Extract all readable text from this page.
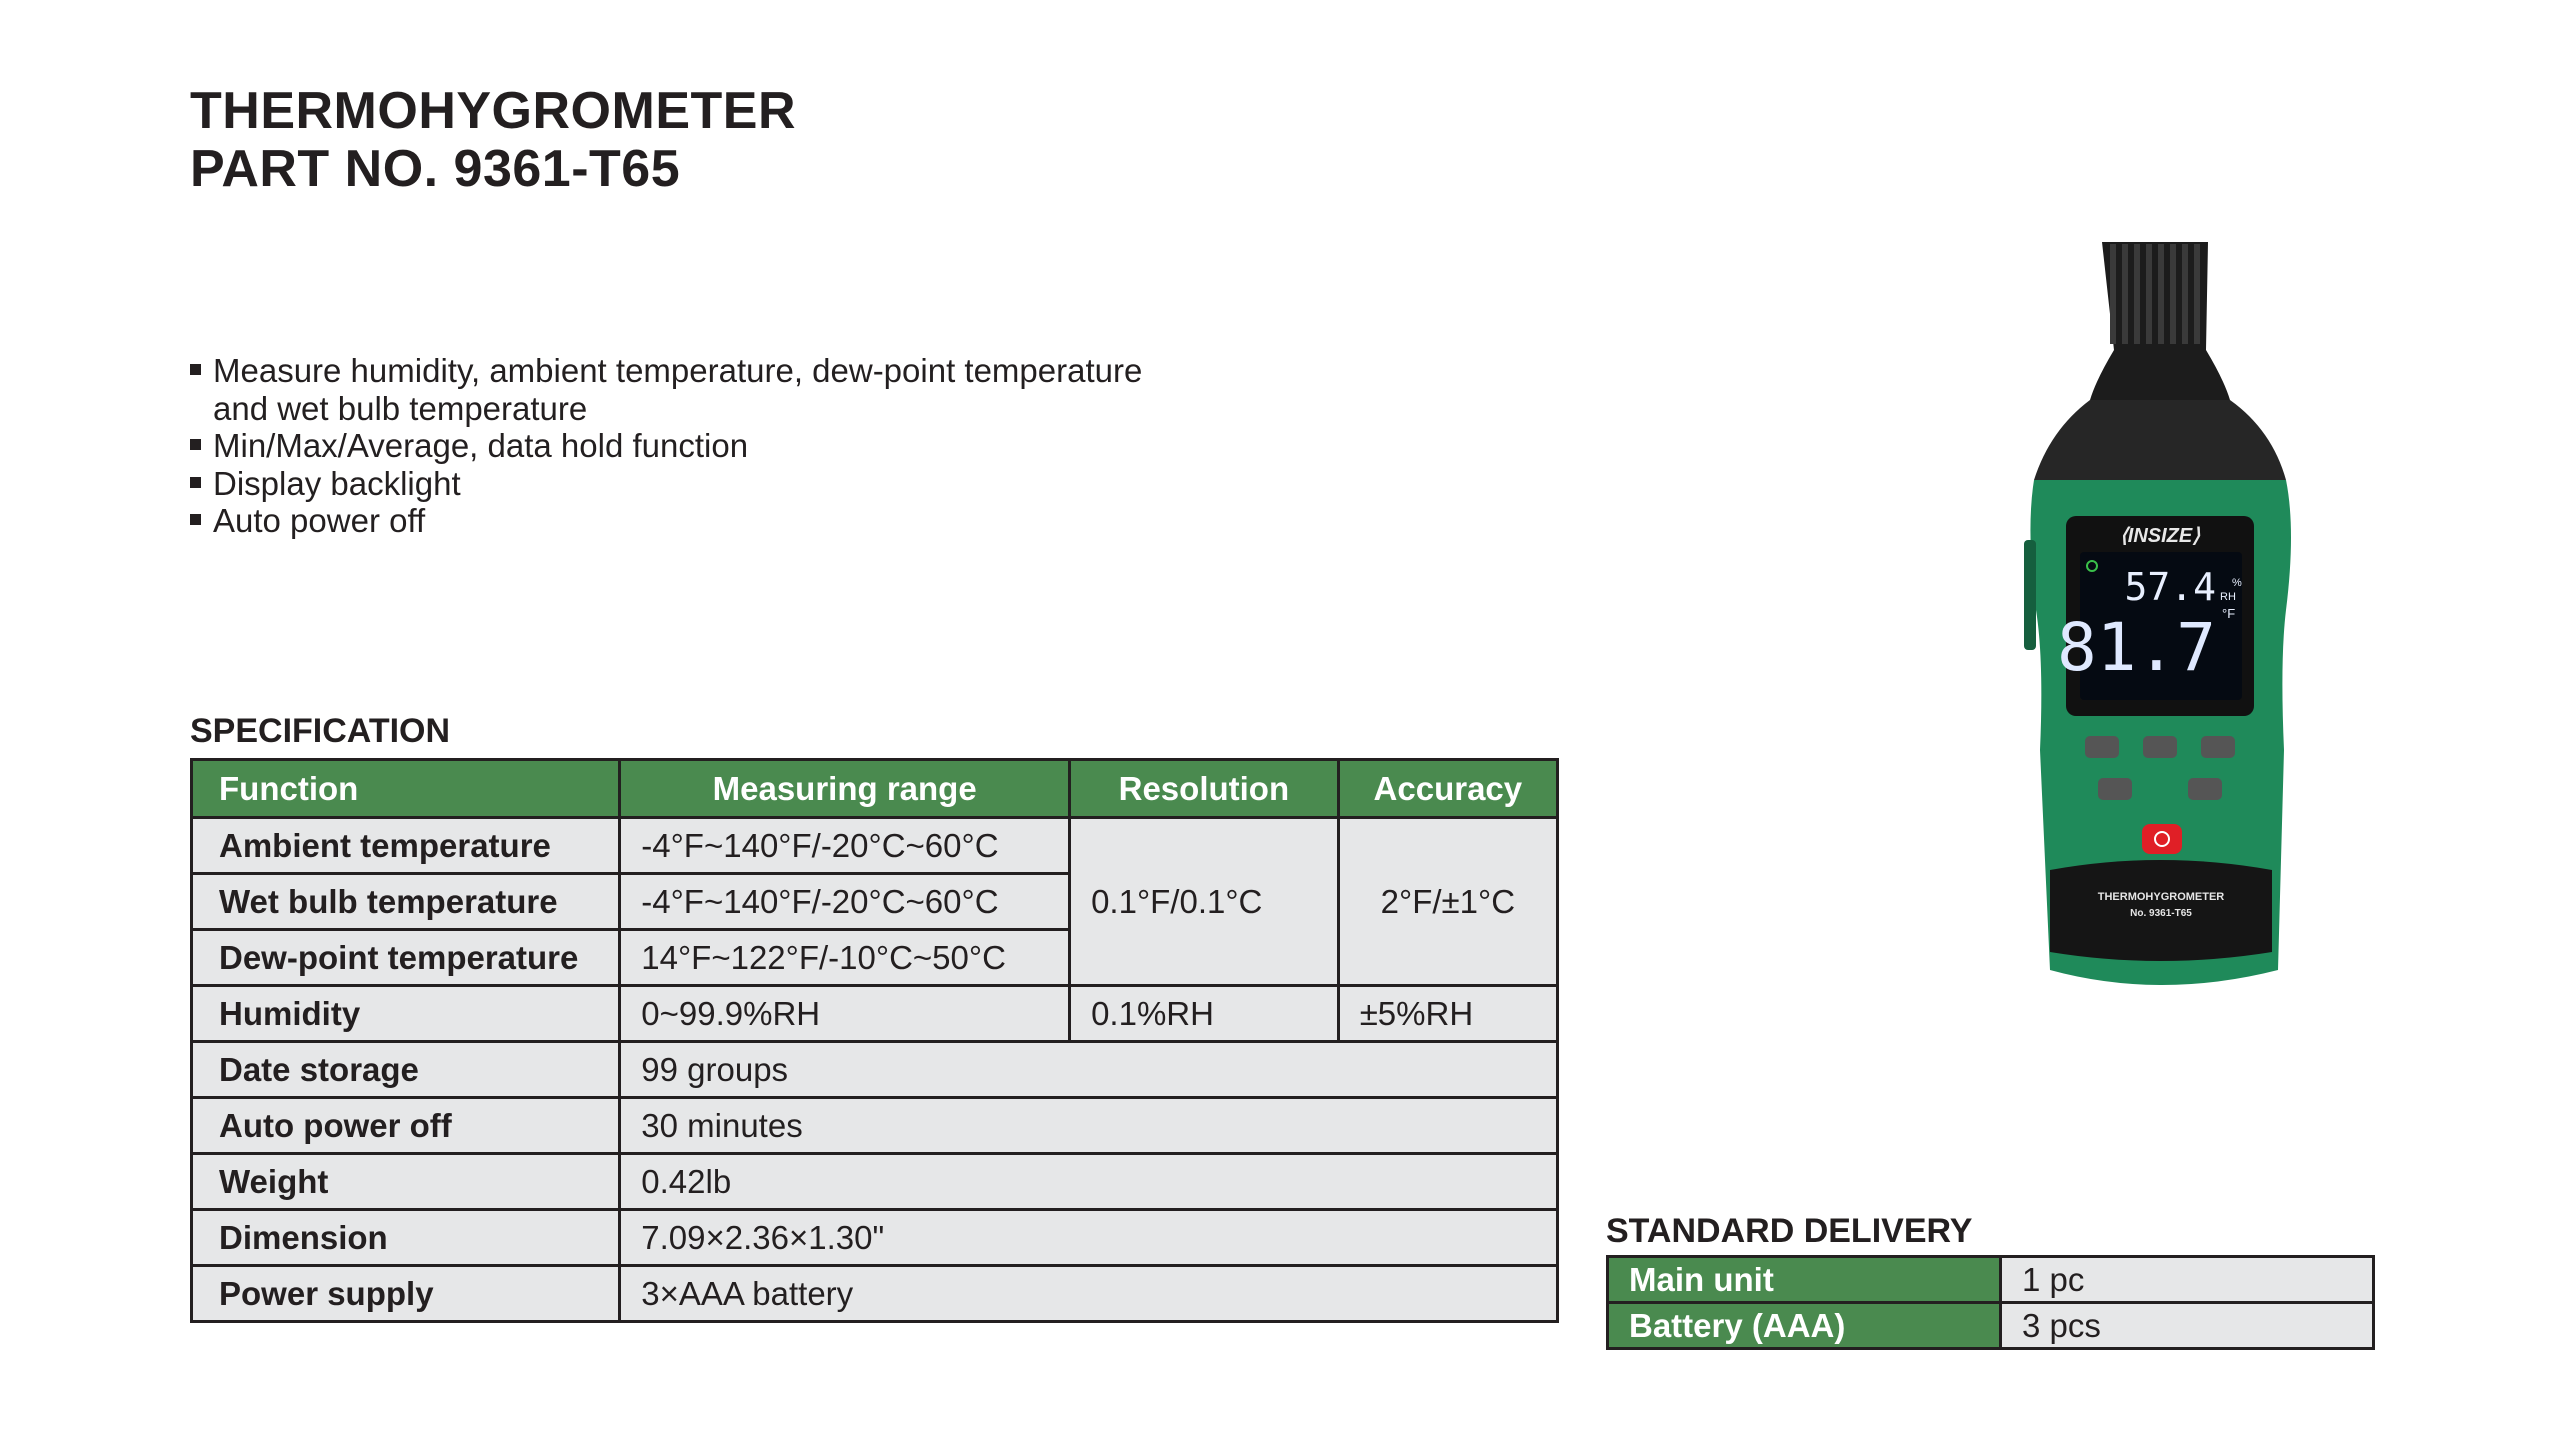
THERMOHYGROMETER
PART NO. 9361-T65
Measure humidity, ambient temperature, dew-point temperature
and wet bulb temperature
Min/Max/Average, data hold function
Display backlight
Auto power off
SPECIFICATION
Function	Measuring range	Resolution	Accuracy
Ambient temperature	-4°F~140°F/-20°C~60°C	0.1°F/0.1°C	2°F/±1°C
Wet bulb temperature	-4°F~140°F/-20°C~60°C		
Dew-point temperature	14°F~122°F/-10°C~50°C		
Humidity	0~99.9%RH	0.1%RH	±5%RH
Date storage	99 groups		
Auto power off	30 minutes		
Weight	0.42lb		
Dimension	7.09×2.36×1.30"		
Power supply	3×AAA battery		
STANDARD DELIVERY
Main unit	1 pc
Battery (AAA)	3 pcs
⟨INSIZE⟩
57.4 %
RH
81.7 °F
THERMOHYGROMETER
No. 9361-T65
